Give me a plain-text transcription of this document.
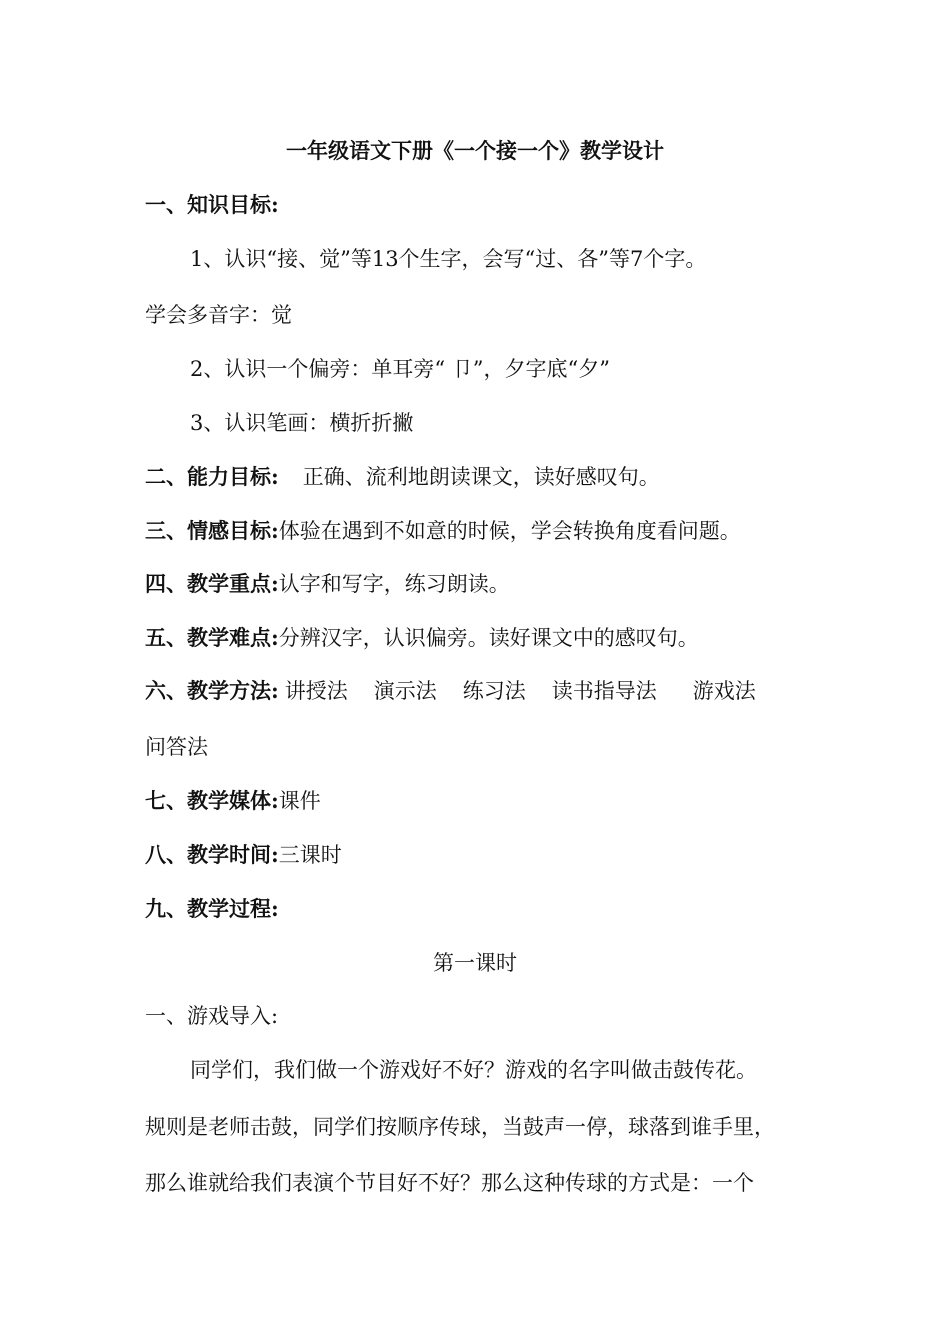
一年级语文下册《一个接一个》教学设计
一、知识目标:
1、认识“接、觉”等13个生字，会写“过、各”等7个字。
学会多音字：觉
2、认识一个偏旁：单耳旁“ 卩”，夕字底“夕”
3、认识笔画：横折折撇
二、能力目标: 正确、流利地朗读课文，读好感叹句。
三、情感目标:体验在遇到不如意的时候，学会转换角度看问题。
四、教学重点:认字和写字，练习朗读。
五、教学难点:分辨汉字，认识偏旁。读好课文中的感叹句。
六、教学方法: 讲授法 演示法 练习法 读书指导法 游戏法
问答法
七、教学媒体:课件
八、教学时间:三课时
九、教学过程:
第一课时
一、游戏导入:
同学们，我们做一个游戏好不好？游戏的名字叫做击鼓传花。
规则是老师击鼓，同学们按顺序传球，当鼓声一停，球落到谁手里，
那么谁就给我们表演个节目好不好？那么这种传球的方式是：一个
